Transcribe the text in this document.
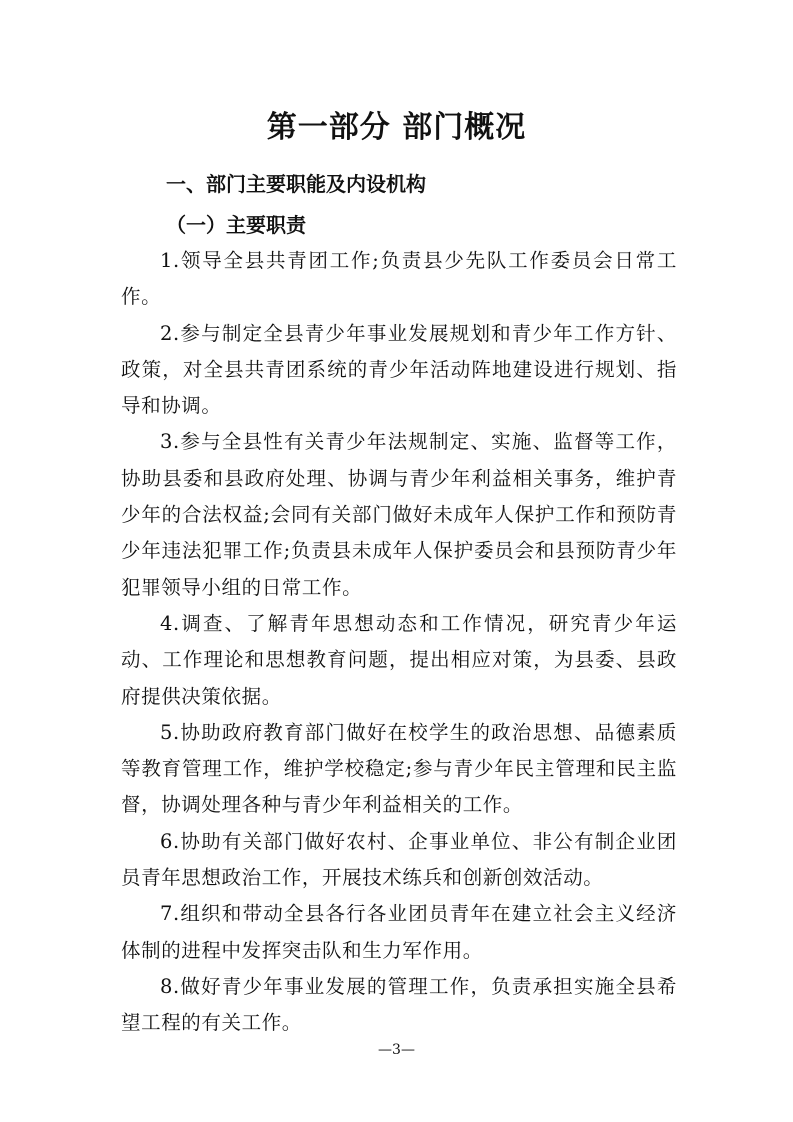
第一部分 部门概况
一、部门主要职能及内设机构
（一）主要职责

1.领导全县共青团工作;负责县少先队工作委员会日常工作。

2.参与制定全县青少年事业发展规划和青少年工作方针、政策，对全县共青团系统的青少年活动阵地建设进行规划、指导和协调。

3.参与全县性有关青少年法规制定、实施、监督等工作，协助县委和县政府处理、协调与青少年利益相关事务，维护青少年的合法权益;会同有关部门做好未成年人保护工作和预防青少年违法犯罪工作;负责县未成年人保护委员会和县预防青少年犯罪领导小组的日常工作。

4.调查、了解青年思想动态和工作情况，研究青少年运动、工作理论和思想教育问题，提出相应对策，为县委、县政府提供决策依据。

5.协助政府教育部门做好在校学生的政治思想、品德素质等教育管理工作，维护学校稳定;参与青少年民主管理和民主监督，协调处理各种与青少年利益相关的工作。

6.协助有关部门做好农村、企事业单位、非公有制企业团员青年思想政治工作，开展技术练兵和创新创效活动。

7.组织和带动全县各行各业团员青年在建立社会主义经济体制的进程中发挥突击队和生力军作用。

8.做好青少年事业发展的管理工作，负责承担实施全县希望工程的有关工作。

—3—
